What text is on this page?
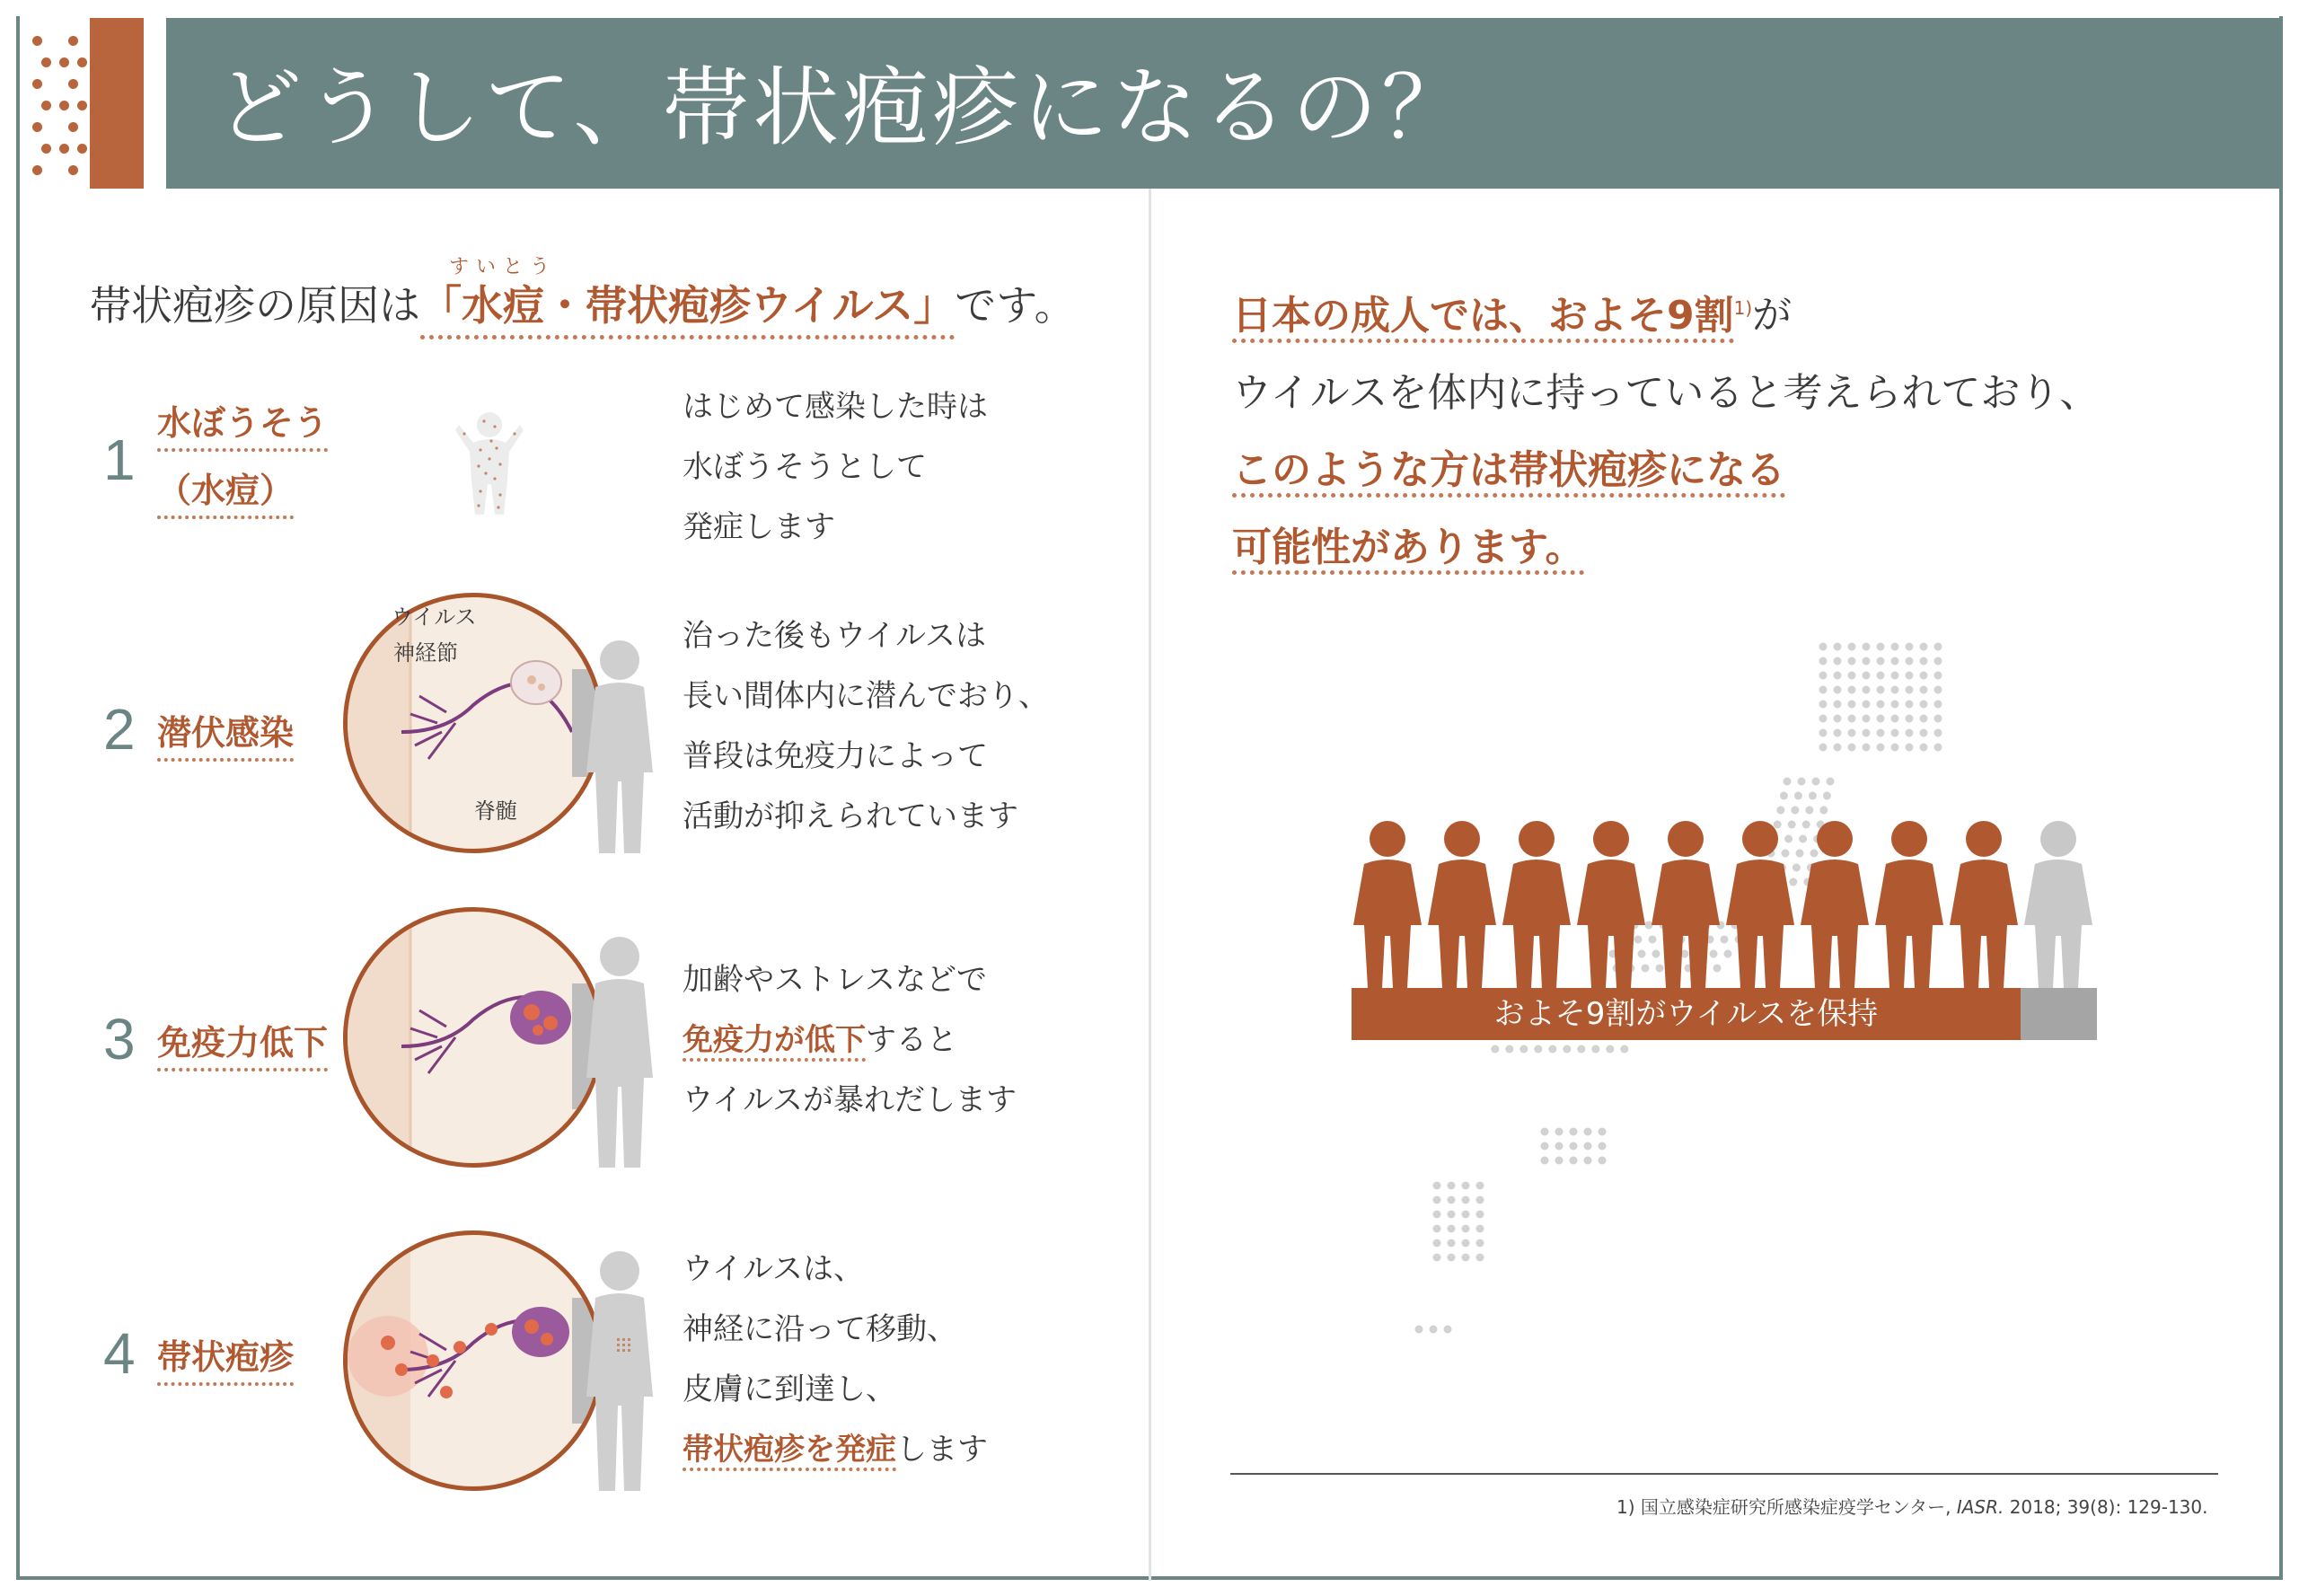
どうして、帯状疱疹になるの？
すいとう
帯状疱疹の原因は「水痘・帯状疱疹ウイルス」です。
1
水ぼうそう
（水痘）
はじめて感染した時は
水ぼうそうとして
発症します
2 潜伏感染
ウイルス
神経節
脊髄
治った後もウイルスは
長い間体内に潜んでおり、
普段は免疫力によって
活動が抑えられています
3 免疫力低下
加齢やストレスなどで
免疫力が低下すると
ウイルスが暴れだします
4 帯状疱疹
ウイルスは、
神経に沿って移動、
皮膚に到達し、
帯状疱疹を発症します
日本の成人では、およそ9割$^{1)}$が
ウイルスを体内に持っていると考えられており、
このような方は帯状疱疹になる
可能性があります。
およそ9割がウイルスを保持
1) 国立感染症研究所感染症疫学センター, IASR. 2018; 39(8): 129-130.
